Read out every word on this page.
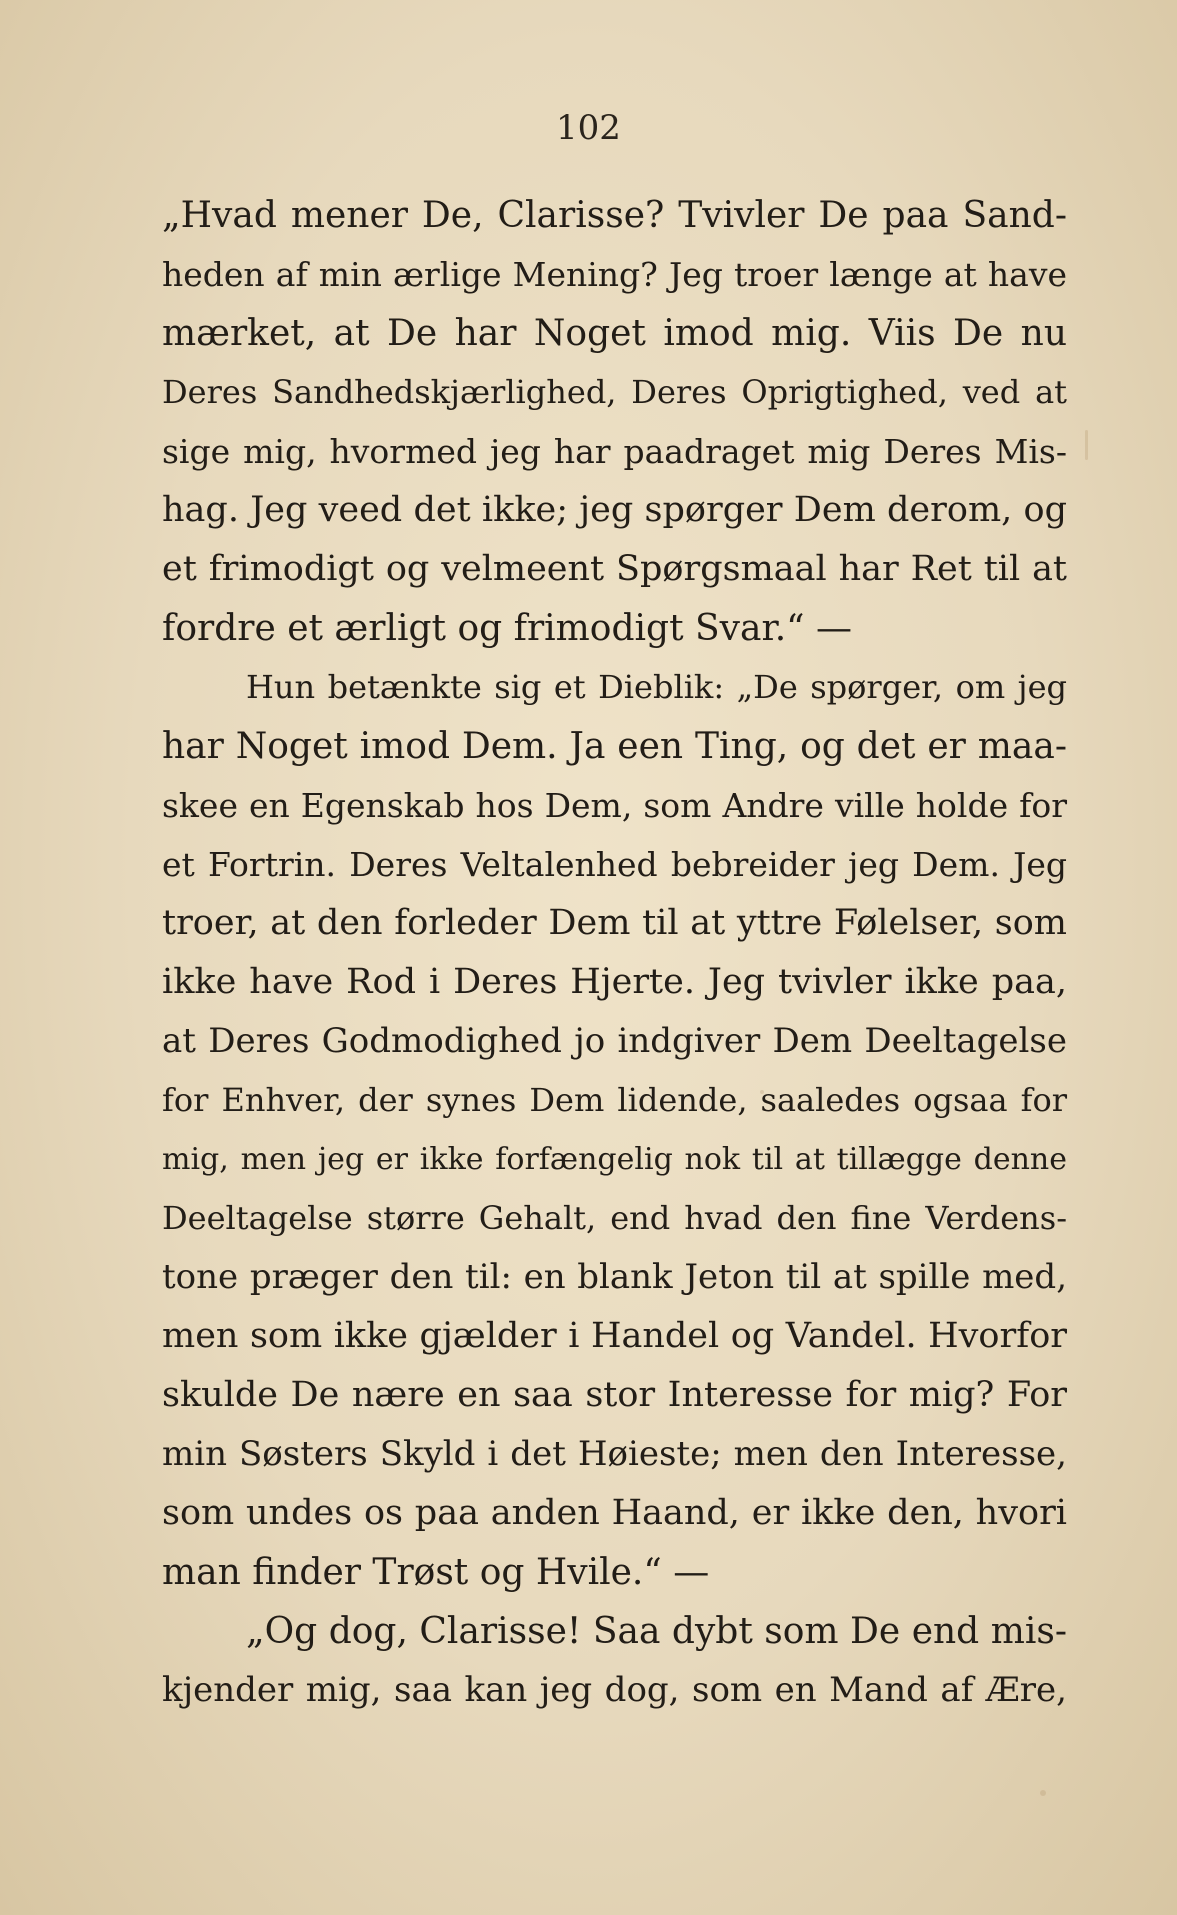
102
„Hvad mener De, Clarisse? Tvivler De paa Sand-
heden af min ærlige Mening? Jeg troer længe at have
mærket, at De har Noget imod mig. Viis De nu
Deres Sandhedskjærlighed, Deres Oprigtighed, ved at
sige mig, hvormed jeg har paadraget mig Deres Mis-
hag. Jeg veed det ikke; jeg spørger Dem derom, og
et frimodigt og velmeent Spørgsmaal har Ret til at
fordre et ærligt og frimodigt Svar.“ —
Hun betænkte sig et Dieblik: „De spørger, om jeg
har Noget imod Dem. Ja een Ting, og det er maa-
skee en Egenskab hos Dem, som Andre ville holde for
et Fortrin. Deres Veltalenhed bebreider jeg Dem. Jeg
troer, at den forleder Dem til at yttre Følelser, som
ikke have Rod i Deres Hjerte. Jeg tvivler ikke paa,
at Deres Godmodighed jo indgiver Dem Deeltagelse
for Enhver, der synes Dem lidende, saaledes ogsaa for
mig, men jeg er ikke forfængelig nok til at tillægge denne
Deeltagelse større Gehalt, end hvad den fine Verdens-
tone præger den til: en blank Jeton til at spille med,
men som ikke gjælder i Handel og Vandel. Hvorfor
skulde De nære en saa stor Interesse for mig? For
min Søsters Skyld i det Høieste; men den Interesse,
som undes os paa anden Haand, er ikke den, hvori
man finder Trøst og Hvile.“ —
„Og dog, Clarisse! Saa dybt som De end mis-
kjender mig, saa kan jeg dog, som en Mand af Ære,
